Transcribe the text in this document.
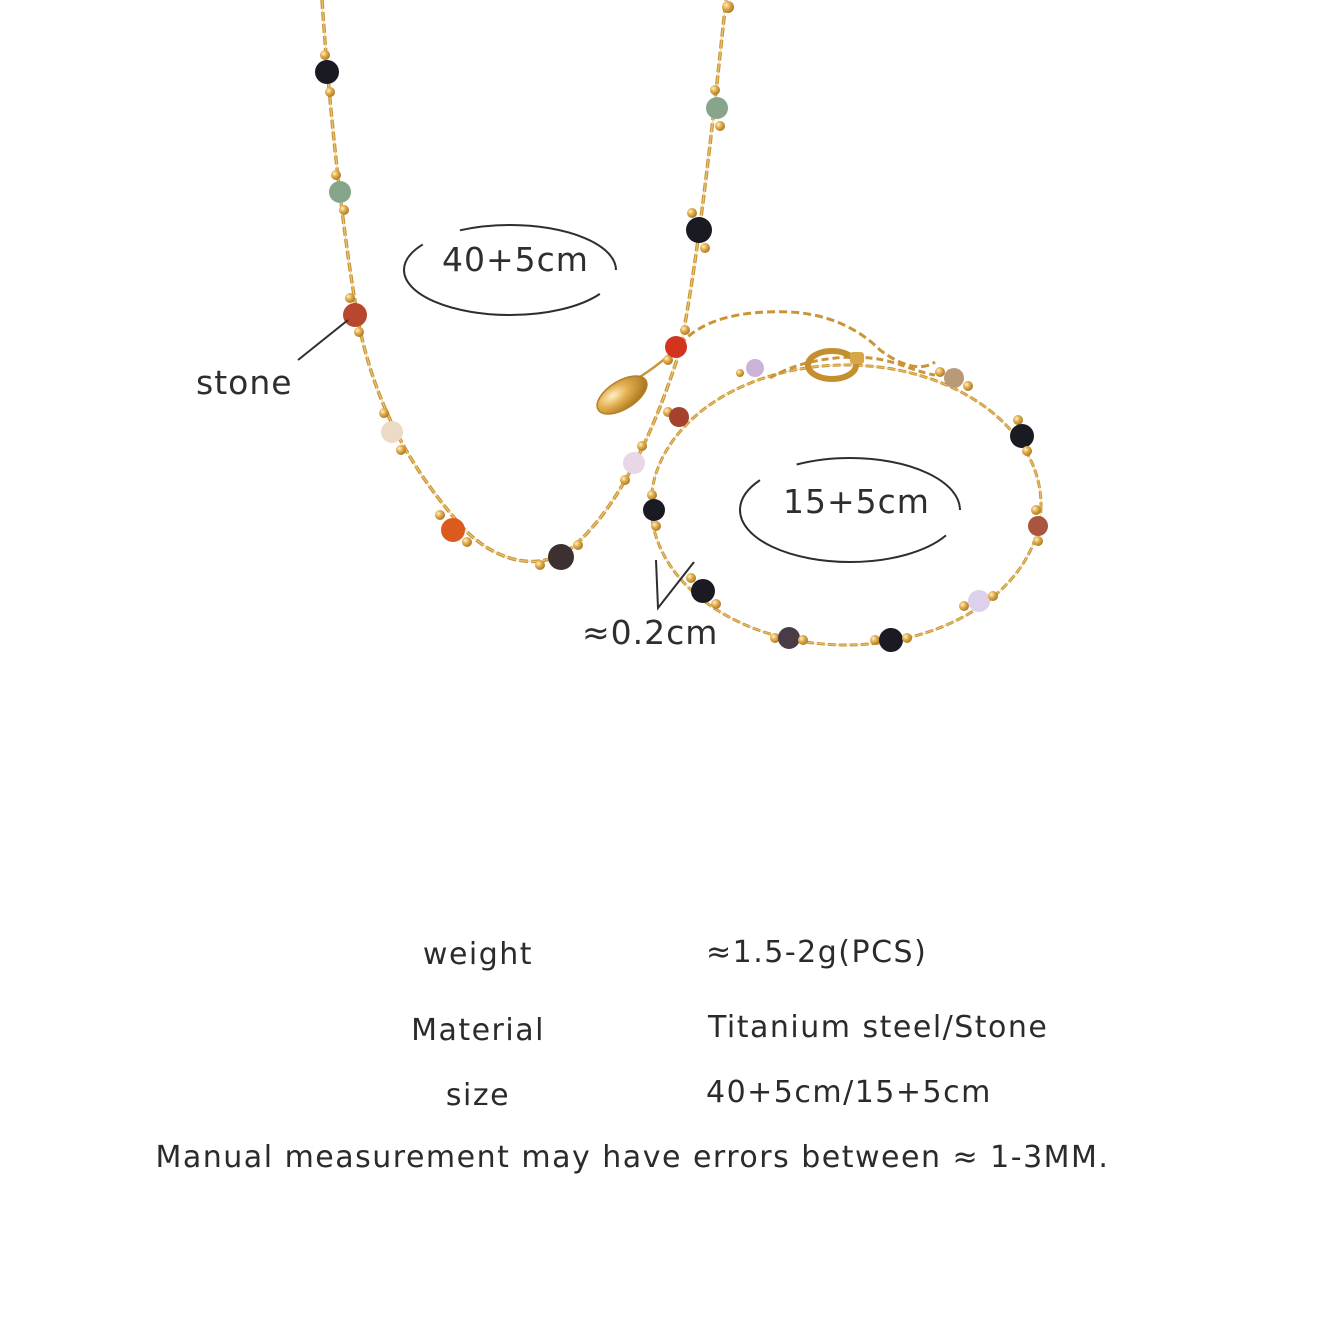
40+5cm
15+5cm
stone
≈0.2cm
weight	≈1.5-2g(PCS)
Material	Titanium steel/Stone
size	40+5cm/15+5cm
Manual measurement may have errors between ≈ 1-3MM.
